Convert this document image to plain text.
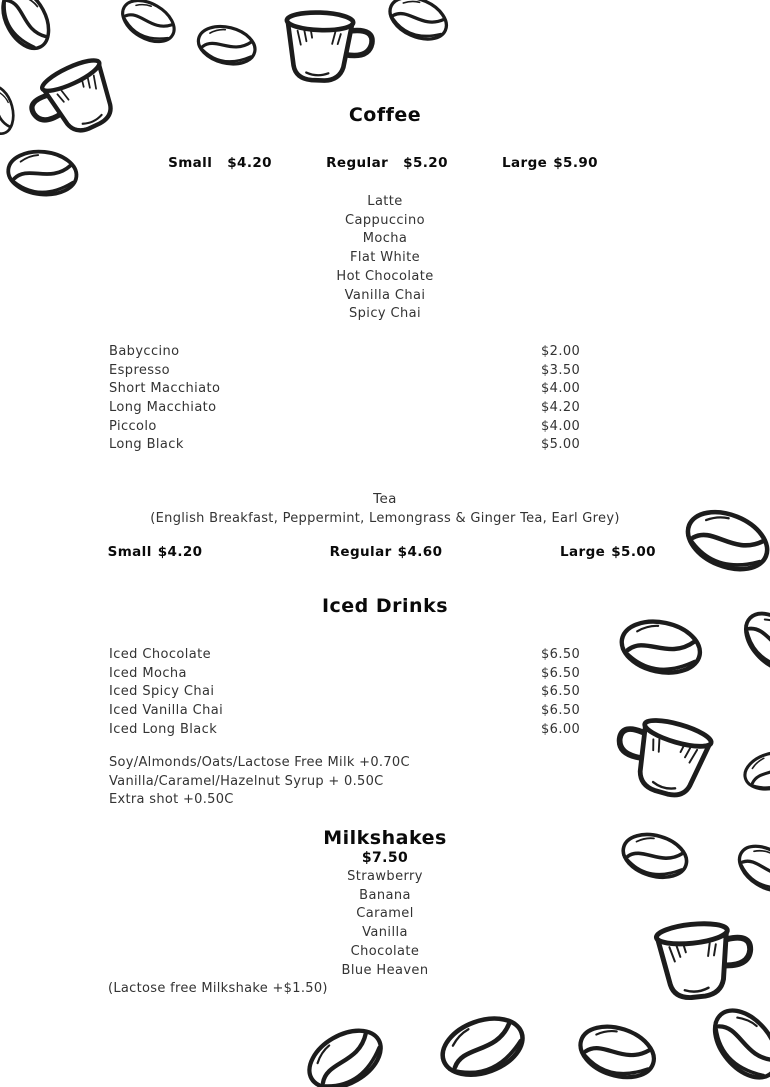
Coffee
Small $4.20	Regular $5.20	Large $5.90
Latte
Cappuccino
Mocha
Flat White
Hot Chocolate
Vanilla Chai
Spicy Chai
Babyccino	$2.00
Espresso	$3.50
Short Macchiato	$4.00
Long Macchiato	$4.20
Piccolo	$4.00
Long Black	$5.00
Tea
(English Breakfast, Peppermint, Lemongrass & Ginger Tea, Earl Grey)
Small $4.20	Regular $4.60	Large $5.00
Iced Drinks
Iced Chocolate	$6.50
Iced Mocha	$6.50
Iced Spicy Chai	$6.50
Iced Vanilla Chai	$6.50
Iced Long Black	$6.00
Soy/Almonds/Oats/Lactose Free Milk +0.70C
Vanilla/Caramel/Hazelnut Syrup + 0.50C
Extra shot +0.50C
Milkshakes
$7.50
Strawberry
Banana
Caramel
Vanilla
Chocolate
Blue Heaven
(Lactose free Milkshake +$1.50)
